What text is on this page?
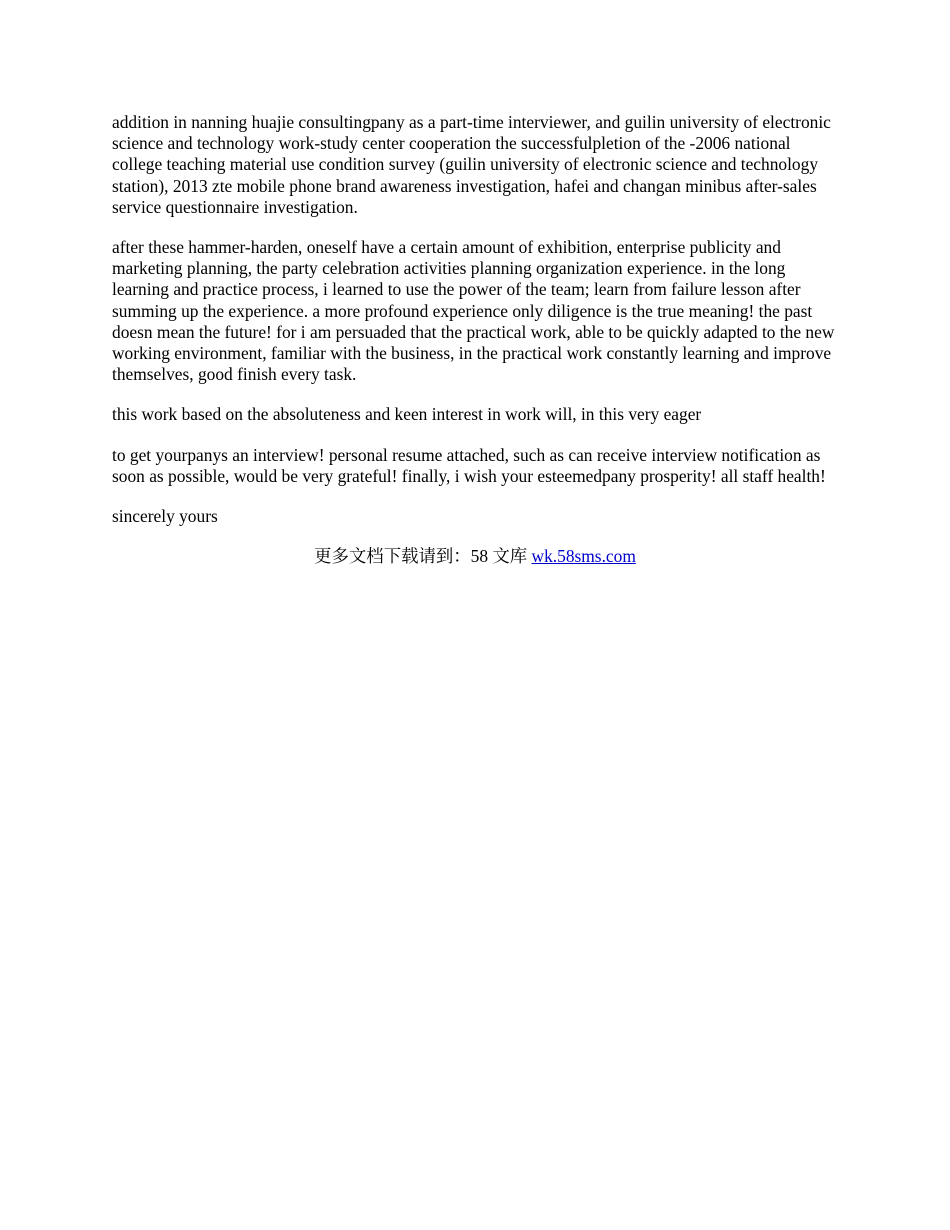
addition in nanning huajie consultingpany as a part-time interviewer, and guilin university of electronic science and technology work-study center cooperation the successfulpletion of the -2006 national college teaching material use condition survey (guilin university of electronic science and technology station), 2013 zte mobile phone brand awareness investigation, hafei and changan minibus after-sales service questionnaire investigation.

after these hammer-harden, oneself have a certain amount of exhibition, enterprise publicity and marketing planning, the party celebration activities planning organization experience. in the long learning and practice process, i learned to use the power of the team; learn from failure lesson after summing up the experience. a more profound experience only diligence is the true meaning! the past doesn mean the future! for i am persuaded that the practical work, able to be quickly adapted to the new working environment, familiar with the business, in the practical work constantly learning and improve themselves, good finish every task.

this work based on the absoluteness and keen interest in work will, in this very eager

to get yourpanys an interview! personal resume attached, such as can receive interview notification as soon as possible, would be very grateful! finally, i wish your esteemedpany prosperity! all staff health!

sincerely yours

更多文档下载请到：58 文库 wk.58sms.com
